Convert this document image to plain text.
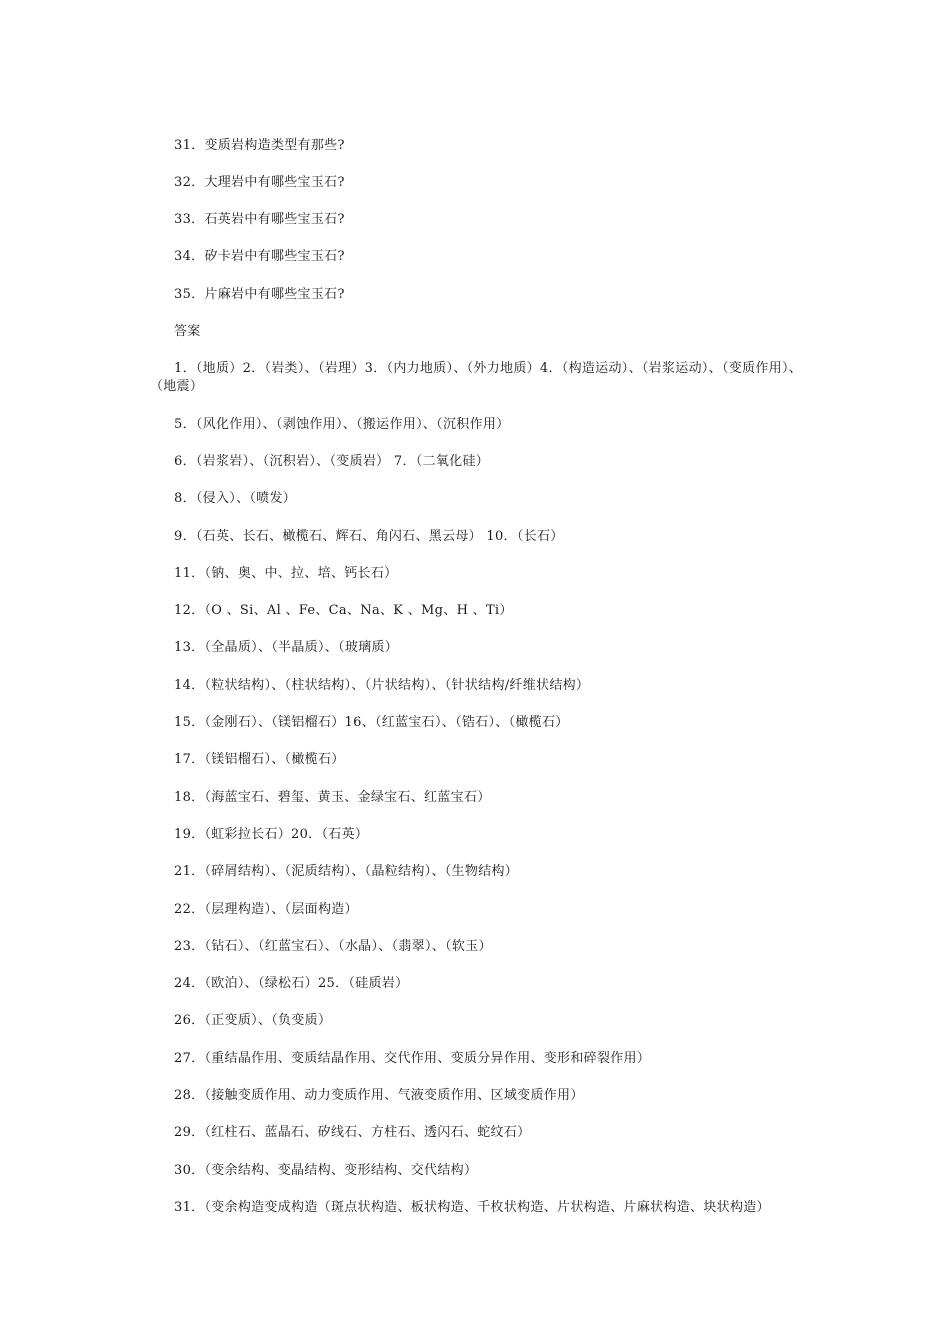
31．变质岩构造类型有那些?
32．大理岩中有哪些宝玉石?
33．石英岩中有哪些宝玉石?
34．矽卡岩中有哪些宝玉石?
35．片麻岩中有哪些宝玉石?
答案
1．（地质）2．（岩类）、（岩理）3．（内力地质）、（外力地质）4．（构造运动）、（岩浆运动）、（变质作用）、（地震）
5．（风化作用）、（剥蚀作用）、（搬运作用）、（沉积作用）
6．（岩浆岩）、（沉积岩）、（变质岩） 7．（二氧化硅）
8．（侵入）、（喷发）
9．（石英、长石、橄榄石、辉石、角闪石、黑云母） 10．（长石）
11．（钠、奥、中、拉、培、钙长石）
12．（O 、Si、Al 、Fe、Ca、Na、K 、Mg、H 、Ti）
13．（全晶质）、（半晶质）、（玻璃质）
14．（粒状结构）、（柱状结构）、（片状结构）、（针状结构/纤维状结构）
15．（金刚石）、（镁铝榴石）16、（红蓝宝石）、（锆石）、（橄榄石）
17．（镁铝榴石）、（橄榄石）
18．（海蓝宝石、碧玺、黄玉、金绿宝石、红蓝宝石）
19．（虹彩拉长石）20．（石英）
21．（碎屑结构）、（泥质结构）、（晶粒结构）、（生物结构）
22．（层理构造）、（层面构造）
23．（钻石）、（红蓝宝石）、（水晶）、（翡翠）、（软玉）
24．（欧泊）、（绿松石）25．（硅质岩）
26．（正变质）、（负变质）
27．（重结晶作用、变质结晶作用、交代作用、变质分异作用、变形和碎裂作用）
28．（接触变质作用、动力变质作用、气液变质作用、区域变质作用）
29．（红柱石、蓝晶石、矽线石、方柱石、透闪石、蛇纹石）
30．（变余结构、变晶结构、变形结构、交代结构）
31．（变余构造变成构造（斑点状构造、板状构造、千枚状构造、片状构造、片麻状构造、块状构造）
